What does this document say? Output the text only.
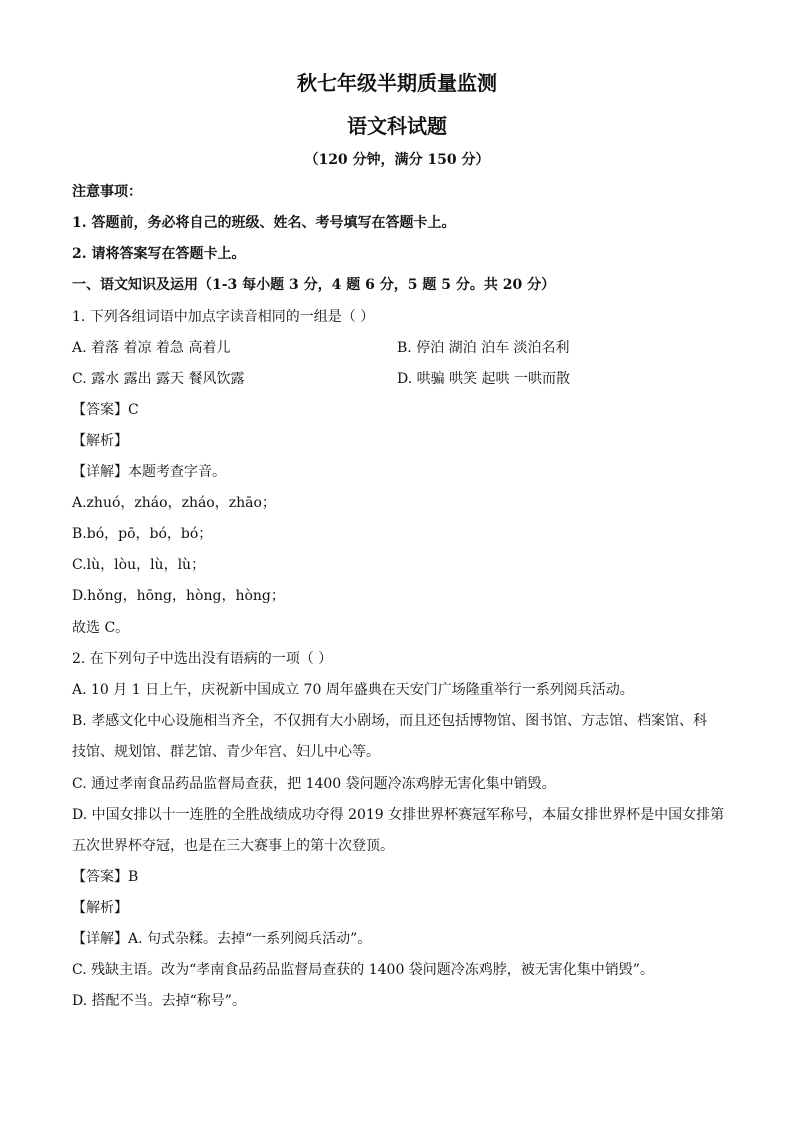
秋七年级半期质量监测
语文科试题
（120 分钟，满分 150 分）
注意事项：
1. 答题前，务必将自己的班级、姓名、考号填写在答题卡上。
2. 请将答案写在答题卡上。
一、语文知识及运用（1-3 每小题 3 分，4 题 6 分，5 题 5 分。共 20 分）
1. 下列各组词语中加点字读音相同的一组是（ ）
A. 着落 着凉 着急 高着儿	B. 停泊 湖泊 泊车 淡泊名利
C. 露水 露出 露天 餐风饮露	D. 哄骗 哄笑 起哄 一哄而散
【答案】C
【解析】
【详解】本题考查字音。
A.zhuó，zháo，zháo，zhāo；
B.bó，pō，bó，bó；
C.lù，lòu，lù，lù；
D.hǒng，hōng，hòng，hòng；
故选 C。
2. 在下列句子中选出没有语病的一项（ ）
A. 10 月 1 日上午，庆祝新中国成立 70 周年盛典在天安门广场隆重举行一系列阅兵活动。
B. 孝感文化中心设施相当齐全，不仅拥有大小剧场，而且还包括博物馆、图书馆、方志馆、档案馆、科
技馆、规划馆、群艺馆、青少年宫、妇儿中心等。
C. 通过孝南食品药品监督局查获，把 1400 袋问题冷冻鸡脖无害化集中销毁。
D. 中国女排以十一连胜的全胜战绩成功夺得 2019 女排世界杯赛冠军称号，本届女排世界杯是中国女排第
五次世界杯夺冠，也是在三大赛事上的第十次登顶。
【答案】B
【解析】
【详解】A. 句式杂糅。去掉“一系列阅兵活动”。
C. 残缺主语。改为“孝南食品药品监督局查获的 1400 袋问题冷冻鸡脖，被无害化集中销毁”。
D. 搭配不当。去掉“称号”。
